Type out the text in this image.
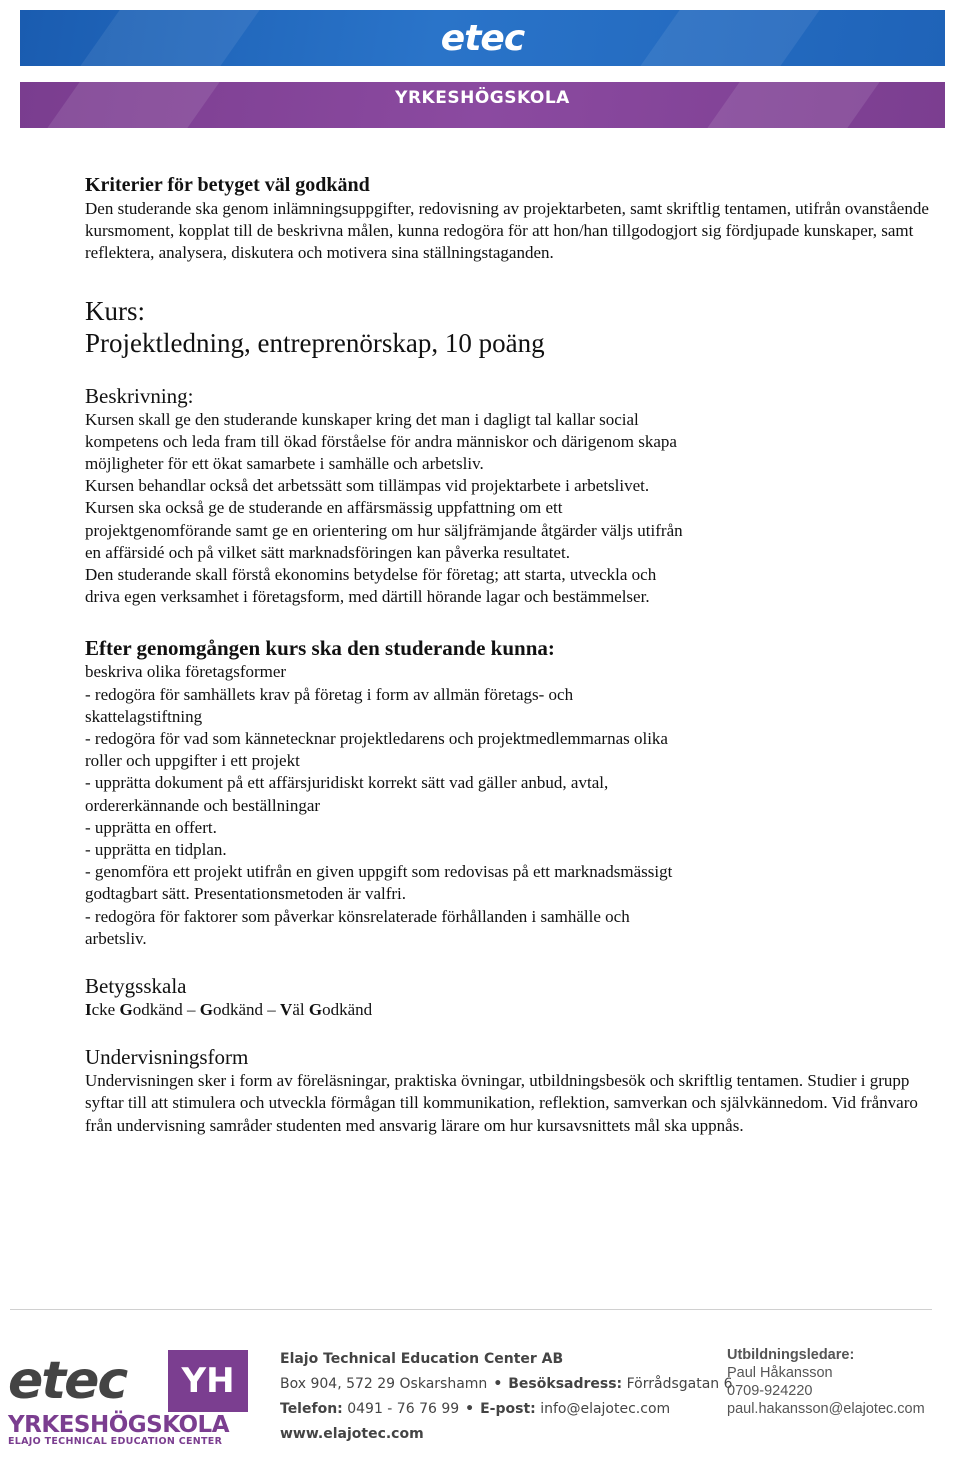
etec
YRKESHÖGSKOLA
Kriterier för betyget väl godkänd

Den studerande ska genom inlämningsuppgifter, redovisning av projektarbeten, samt skriftlig tentamen, utifrån ovanstående kursmoment, kopplat till de beskrivna målen, kunna redogöra för att hon/han tillgodogjort sig fördjupade kunskaper, samt reflektera, analysera, diskutera och motivera sina ställningstaganden.

Kurs:
Projektledning, entreprenörskap, 10 poäng
Beskrivning:

Kursen skall ge den studerande kunskaper kring det man i dagligt tal kallar social kompetens och leda fram till ökad förståelse för andra människor och därigenom skapa möjligheter för ett ökat samarbete i samhälle och arbetsliv.

Kursen behandlar också det arbetssätt som tillämpas vid projektarbete i arbetslivet.

Kursen ska också ge de studerande en affärsmässig uppfattning om ett projektgenomförande samt ge en orientering om hur säljfrämjande åtgärder väljs utifrån en affärsidé och på vilket sätt marknadsföringen kan påverka resultatet.

Den studerande skall förstå ekonomins betydelse för företag; att starta, utveckla och driva egen verksamhet i företagsform, med därtill hörande lagar och bestämmelser.

Efter genomgången kurs ska den studerande kunna:

beskriva olika företagsformer

- redogöra för samhällets krav på företag i form av allmän företags- och skattelagstiftning

- redogöra för vad som kännetecknar projektledarens och projektmedlemmarnas olika roller och uppgifter i ett projekt

- upprätta dokument på ett affärsjuridiskt korrekt sätt vad gäller anbud, avtal, ordererkännande och beställningar

- upprätta en offert.

- upprätta en tidplan.

- genomföra ett projekt utifrån en given uppgift som redovisas på ett marknadsmässigt godtagbart sätt. Presentationsmetoden är valfri.

- redogöra för faktorer som påverkar könsrelaterade förhållanden i samhälle och arbetsliv.

Betygsskala

Icke Godkänd – Godkänd – Väl Godkänd

Undervisningsform

Undervisningen sker i form av föreläsningar, praktiska övningar, utbildningsbesök och skriftlig tentamen. Studier i grupp syftar till att stimulera och utveckla förmågan till kommunikation, reflektion, samverkan och självkännedom. Vid frånvaro från undervisning samråder studenten med ansvarig lärare om hur kursavsnittets mål ska uppnås.

etec	YH
YRKESHÖGSKOLA
ELAJO TECHNICAL EDUCATION CENTER
Elajo Technical Education Center AB
Box 904, 572 29 Oskarshamn • Besöksadress: Förrådsgatan 6
Telefon: 0491 - 76 76 99 • E-post: info@elajotec.com
www.elajotec.com
Utbildningsledare:
Paul Håkansson
0709-924220
paul.hakansson@elajotec.com
